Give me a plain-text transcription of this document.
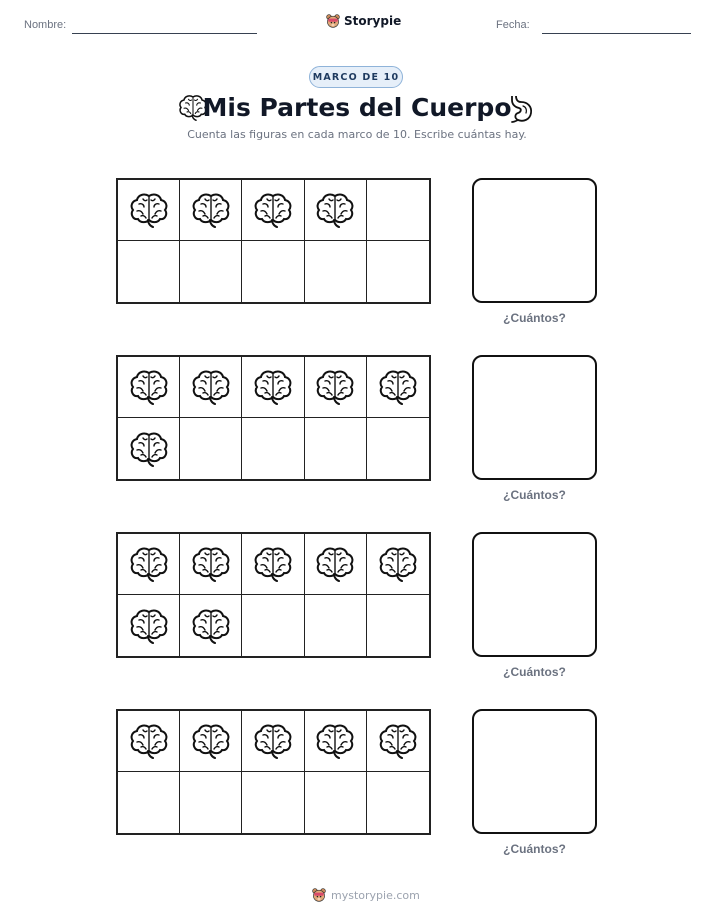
Nombre:	Storypie	Fecha:
MARCO DE 10
Mis Partes del Cuerpo
Cuenta las figuras en cada marco de 10. Escribe cuántas hay.
¿Cuántos?
¿Cuántos?
¿Cuántos?
¿Cuántos?
mystorypie.com
